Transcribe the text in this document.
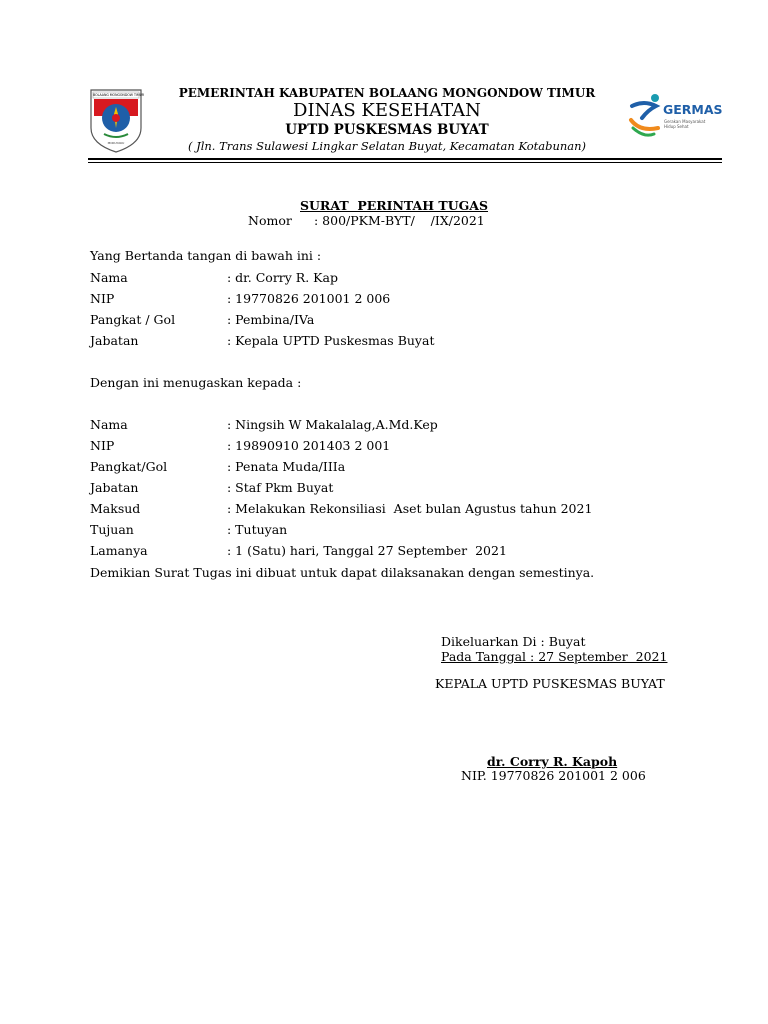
BOLAANG MONGONDOW TIMUR
MOKUYAKU
PEMERINTAH KABUPATEN BOLAANG MONGONDOW TIMUR
DINAS KESEHATAN
UPTD PUSKESMAS BUYAT
( Jln. Trans Sulawesi Lingkar Selatan Buyat, Kecamatan Kotabunan)
GERMAS
Gerakan Masyarakat
Hidup Sehat
SURAT  PERINTAH TUGAS
Nomor : 800/PKM-BYT/    /IX/2021
Yang Bertanda tangan di bawah ini :
Nama	: dr. Corry R. Kap
NIP	: 19770826 201001 2 006
Pangkat / Gol	: Pembina/IVa
Jabatan	: Kepala UPTD Puskesmas Buyat
Dengan ini menugaskan kepada :
Nama	: Ningsih W Makalalag,A.Md.Kep
NIP	: 19890910 201403 2 001
Pangkat/Gol	: Penata Muda/IIIa
Jabatan	: Staf Pkm Buyat
Maksud	: Melakukan Rekonsiliasi  Aset bulan Agustus tahun 2021
Tujuan	: Tutuyan
Lamanya	: 1 (Satu) hari, Tanggal 27 September  2021
Demikian Surat Tugas ini dibuat untuk dapat dilaksanakan dengan semestinya.
Dikeluarkan Di : Buyat
Pada Tanggal : 27 September  2021
KEPALA UPTD PUSKESMAS BUYAT
dr. Corry R. Kapoh
NIP. 19770826 201001 2 006
